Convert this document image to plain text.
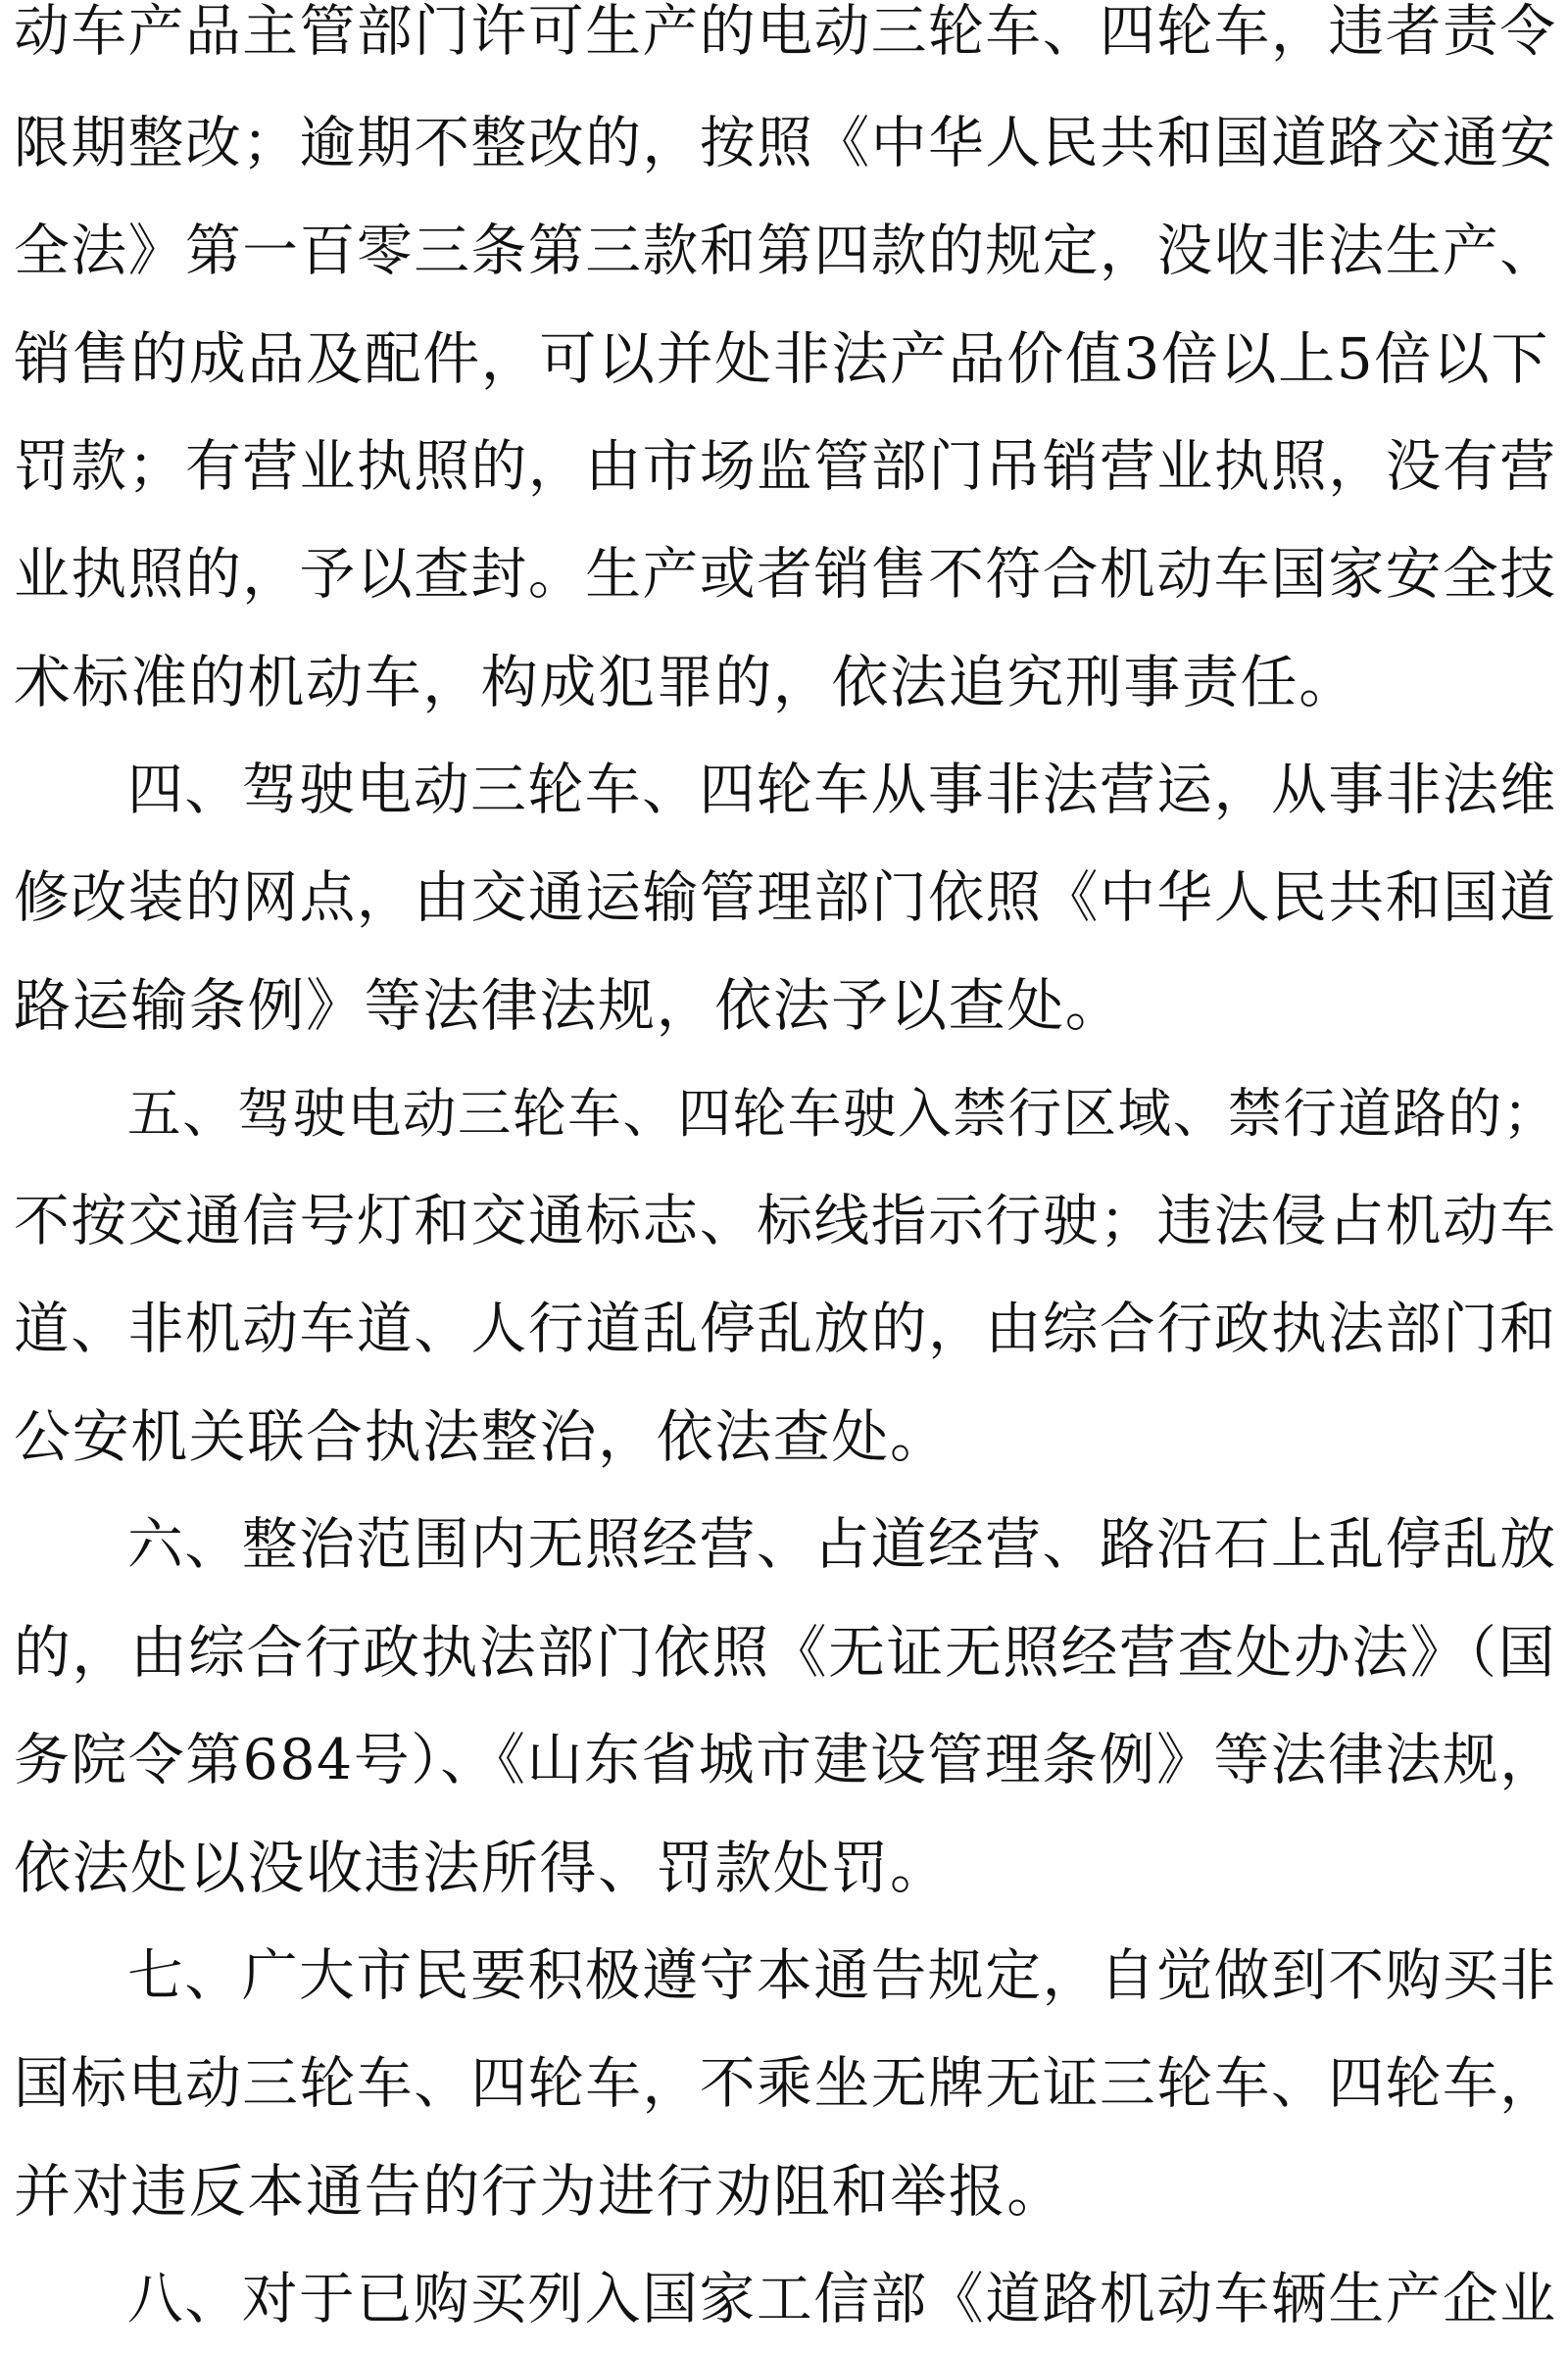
动车产品主管部门许可生产的电动三轮车、四轮车，违者责令
限期整改；逾期不整改的，按照《中华人民共和国道路交通安
全法》第一百零三条第三款和第四款的规定，没收非法生产、
销售的成品及配件，可以并处非法产品价值3倍以上5倍以下
罚款；有营业执照的，由市场监管部门吊销营业执照，没有营
业执照的，予以查封。生产或者销售不符合机动车国家安全技
术标准的机动车，构成犯罪的，依法追究刑事责任。
四、驾驶电动三轮车、四轮车从事非法营运，从事非法维
修改装的网点，由交通运输管理部门依照《中华人民共和国道
路运输条例》等法律法规，依法予以查处。
五、驾驶电动三轮车、四轮车驶入禁行区域、禁行道路的；
不按交通信号灯和交通标志、标线指示行驶；违法侵占机动车
道、非机动车道、人行道乱停乱放的，由综合行政执法部门和
公安机关联合执法整治，依法查处。
六、整治范围内无照经营、占道经营、路沿石上乱停乱放
的，由综合行政执法部门依照《无证无照经营查处办法》（国
务院令第684号）、《山东省城市建设管理条例》等法律法规，
依法处以没收违法所得、罚款处罚。
七、广大市民要积极遵守本通告规定，自觉做到不购买非
国标电动三轮车、四轮车，不乘坐无牌无证三轮车、四轮车，
并对违反本通告的行为进行劝阻和举报。
八、对于已购买列入国家工信部《道路机动车辆生产企业
